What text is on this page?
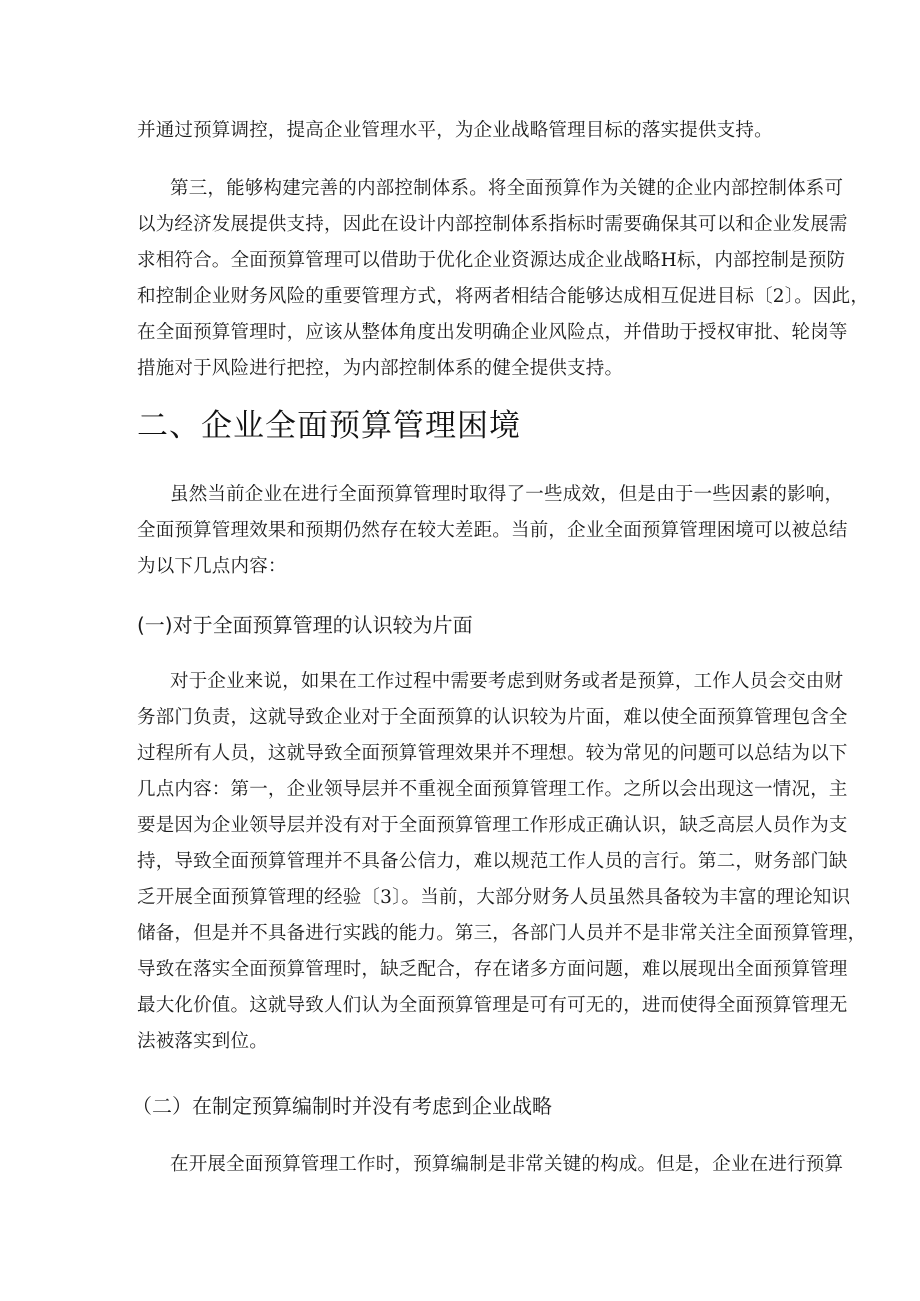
并通过预算调控，提高企业管理水平，为企业战略管理目标的落实提供支持。
第三，能够构建完善的内部控制体系。将全面预算作为关键的企业内部控制体系可
以为经济发展提供支持，因此在设计内部控制体系指标时需要确保其可以和企业发展需
求相符合。全面预算管理可以借助于优化企业资源达成企业战略H标，内部控制是预防
和控制企业财务风险的重要管理方式，将两者相结合能够达成相互促进目标〔2〕。因此，
在全面预算管理时，应该从整体角度出发明确企业风险点，并借助于授权审批、轮岗等
措施对于风险进行把控，为内部控制体系的健全提供支持。
二、企业全面预算管理困境
虽然当前企业在进行全面预算管理时取得了一些成效，但是由于一些因素的影响，
全面预算管理效果和预期仍然存在较大差距。当前，企业全面预算管理困境可以被总结
为以下几点内容：
(一)对于全面预算管理的认识较为片面
对于企业来说，如果在工作过程中需要考虑到财务或者是预算，工作人员会交由财
务部门负责，这就导致企业对于全面预算的认识较为片面，难以使全面预算管理包含全
过程所有人员，这就导致全面预算管理效果并不理想。较为常见的问题可以总结为以下
几点内容：第一，企业领导层并不重视全面预算管理工作。之所以会出现这一情况，主
要是因为企业领导层并没有对于全面预算管理工作形成正确认识，缺乏高层人员作为支
持，导致全面预算管理并不具备公信力，难以规范工作人员的言行。第二，财务部门缺
乏开展全面预算管理的经验〔3〕。当前，大部分财务人员虽然具备较为丰富的理论知识
储备，但是并不具备进行实践的能力。第三，各部门人员并不是非常关注全面预算管理，
导致在落实全面预算管理时，缺乏配合，存在诸多方面问题，难以展现出全面预算管理
最大化价值。这就导致人们认为全面预算管理是可有可无的，进而使得全面预算管理无
法被落实到位。
（二）在制定预算编制时并没有考虑到企业战略
在开展全面预算管理工作时，预算编制是非常关键的构成。但是，企业在进行预算
